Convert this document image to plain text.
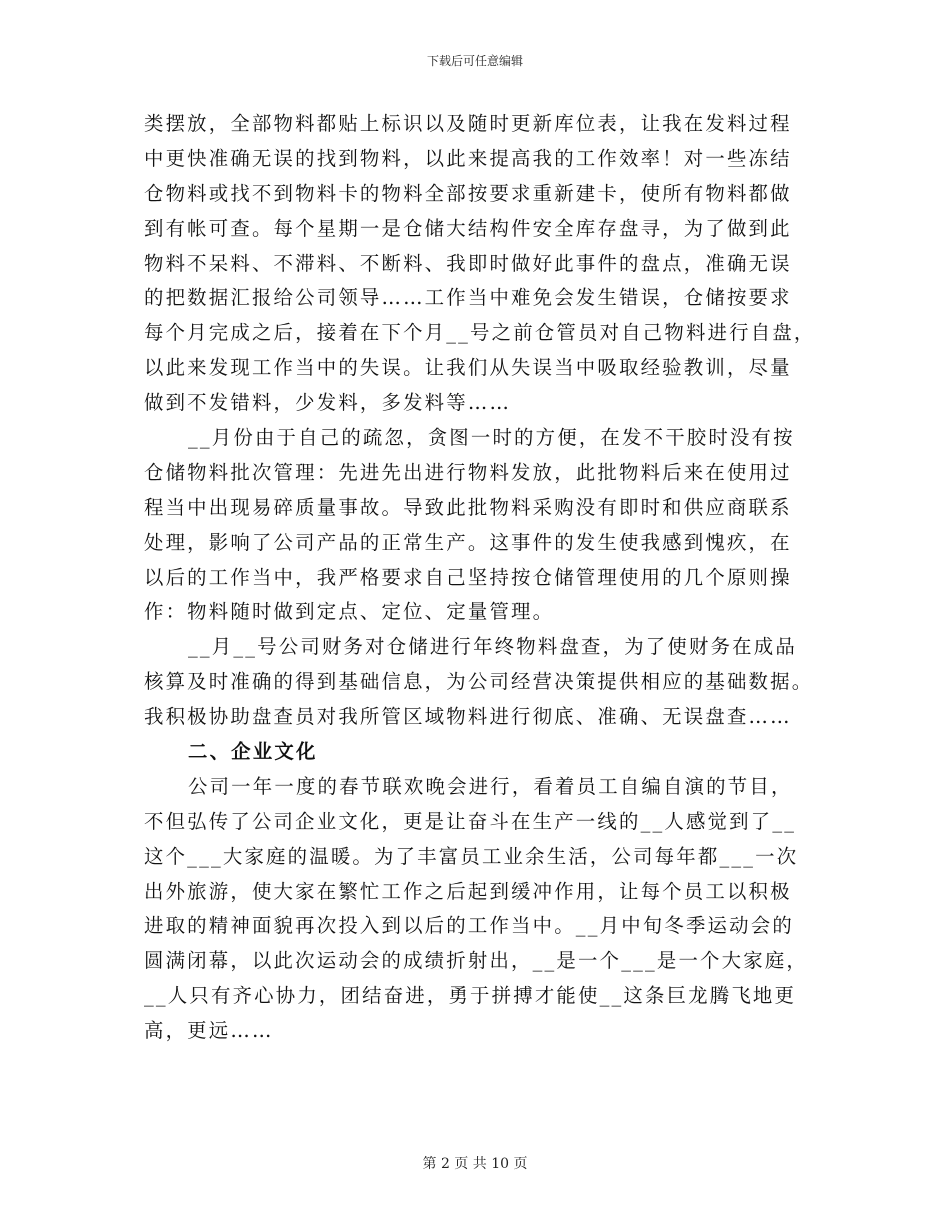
下载后可任意编辑
类摆放，全部物料都贴上标识以及随时更新库位表，让我在发料过程
中更快准确无误的找到物料，以此来提高我的工作效率！对一些冻结
仓物料或找不到物料卡的物料全部按要求重新建卡，使所有物料都做
到有帐可查。每个星期一是仓储大结构件安全库存盘寻，为了做到此
物料不呆料、不滞料、不断料、我即时做好此事件的盘点，准确无误
的把数据汇报给公司领导……工作当中难免会发生错误，仓储按要求
每个月完成之后，接着在下个月__号之前仓管员对自己物料进行自盘，
以此来发现工作当中的失误。让我们从失误当中吸取经验教训，尽量
做到不发错料，少发料，多发料等……
__月份由于自己的疏忽，贪图一时的方便，在发不干胶时没有按
仓储物料批次管理：先进先出进行物料发放，此批物料后来在使用过
程当中出现易碎质量事故。导致此批物料采购没有即时和供应商联系
处理，影响了公司产品的正常生产。这事件的发生使我感到愧疚，在
以后的工作当中，我严格要求自己坚持按仓储管理使用的几个原则操
作：物料随时做到定点、定位、定量管理。
__月__号公司财务对仓储进行年终物料盘查，为了使财务在成品
核算及时准确的得到基础信息，为公司经营决策提供相应的基础数据。
我积极协助盘查员对我所管区域物料进行彻底、准确、无误盘查……
二、企业文化
公司一年一度的春节联欢晚会进行，看着员工自编自演的节目，
不但弘传了公司企业文化，更是让奋斗在生产一线的__人感觉到了__
这个___大家庭的温暖。为了丰富员工业余生活，公司每年都___一次
出外旅游，使大家在繁忙工作之后起到缓冲作用，让每个员工以积极
进取的精神面貌再次投入到以后的工作当中。__月中旬冬季运动会的
圆满闭幕，以此次运动会的成绩折射出，__是一个___是一个大家庭，
__人只有齐心协力，团结奋进，勇于拼搏才能使__这条巨龙腾飞地更
高，更远……
第 2 页 共 10 页
